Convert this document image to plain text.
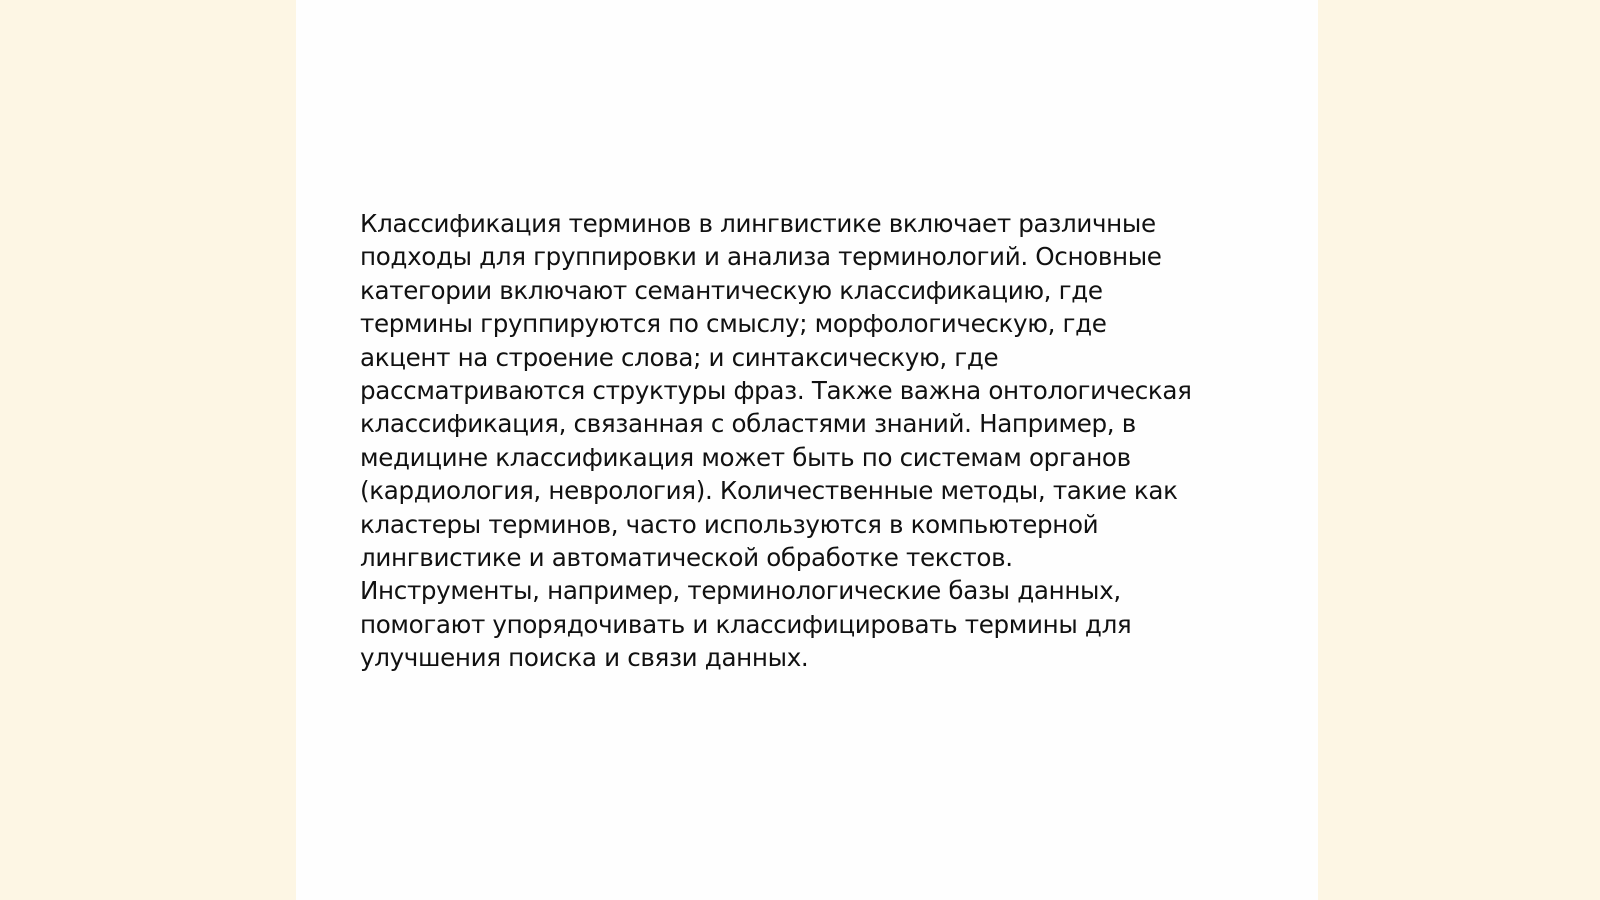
Классификация терминов в лингвистике включает различные
подходы для группировки и анализа терминологий. Основные
категории включают семантическую классификацию, где
термины группируются по смыслу; морфологическую, где
акцент на строение слова; и синтаксическую, где
рассматриваются структуры фраз. Также важна онтологическая
классификация, связанная с областями знаний. Например, в
медицине классификация может быть по системам органов
(кардиология, неврология). Количественные методы, такие как
кластеры терминов, часто используются в компьютерной
лингвистике и автоматической обработке текстов.
Инструменты, например, терминологические базы данных,
помогают упорядочивать и классифицировать термины для
улучшения поиска и связи данных.
